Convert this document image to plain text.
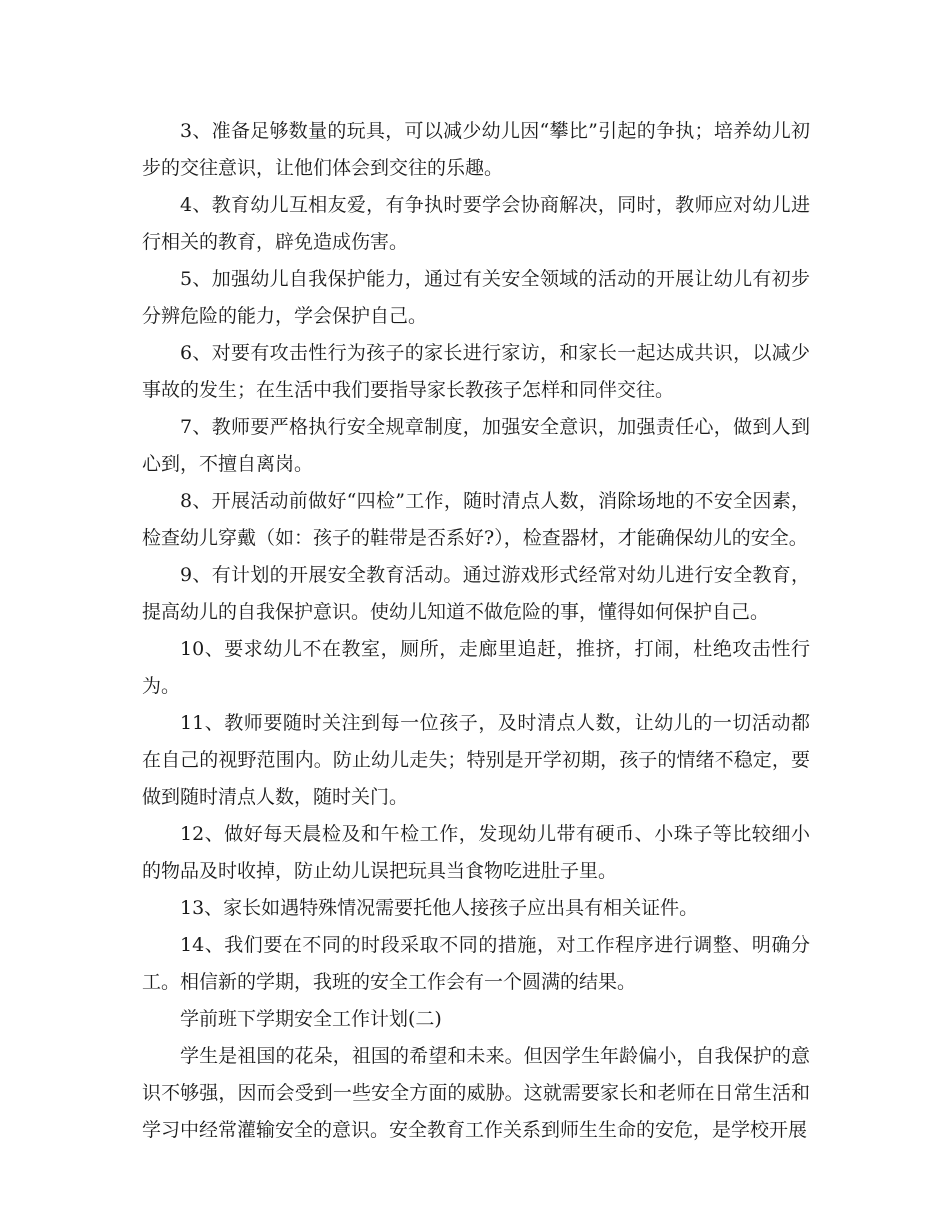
3、准备足够数量的玩具，可以减少幼儿因“攀比”引起的争执；培养幼儿初步的交往意识，让他们体会到交往的乐趣。

4、教育幼儿互相友爱，有争执时要学会协商解决，同时，教师应对幼儿进行相关的教育，辟免造成伤害。

5、加强幼儿自我保护能力，通过有关安全领域的活动的开展让幼儿有初步分辨危险的能力，学会保护自己。

6、对要有攻击性行为孩子的家长进行家访，和家长一起达成共识，以减少事故的发生；在生活中我们要指导家长教孩子怎样和同伴交往。

7、教师要严格执行安全规章制度，加强安全意识，加强责任心，做到人到心到，不擅自离岗。

8、开展活动前做好“四检”工作，随时清点人数，消除场地的不安全因素，检查幼儿穿戴（如：孩子的鞋带是否系好?），检查器材，才能确保幼儿的安全。

9、有计划的开展安全教育活动。通过游戏形式经常对幼儿进行安全教育，提高幼儿的自我保护意识。使幼儿知道不做危险的事，懂得如何保护自己。

10、要求幼儿不在教室，厕所，走廊里追赶，推挤，打闹，杜绝攻击性行为。

11、教师要随时关注到每一位孩子，及时清点人数，让幼儿的一切活动都在自己的视野范围内。防止幼儿走失；特别是开学初期，孩子的情绪不稳定，要做到随时清点人数，随时关门。

12、做好每天晨检及和午检工作，发现幼儿带有硬币、小珠子等比较细小的物品及时收掉，防止幼儿误把玩具当食物吃进肚子里。

13、家长如遇特殊情况需要托他人接孩子应出具有相关证件。

14、我们要在不同的时段采取不同的措施，对工作程序进行调整、明确分工。相信新的学期，我班的安全工作会有一个圆满的结果。

学前班下学期安全工作计划(二)

学生是祖国的花朵，祖国的希望和未来。但因学生年龄偏小，自我保护的意识不够强，因而会受到一些安全方面的威胁。这就需要家长和老师在日常生活和学习中经常灌输安全的意识。安全教育工作关系到师生生命的安危，是学校开展
